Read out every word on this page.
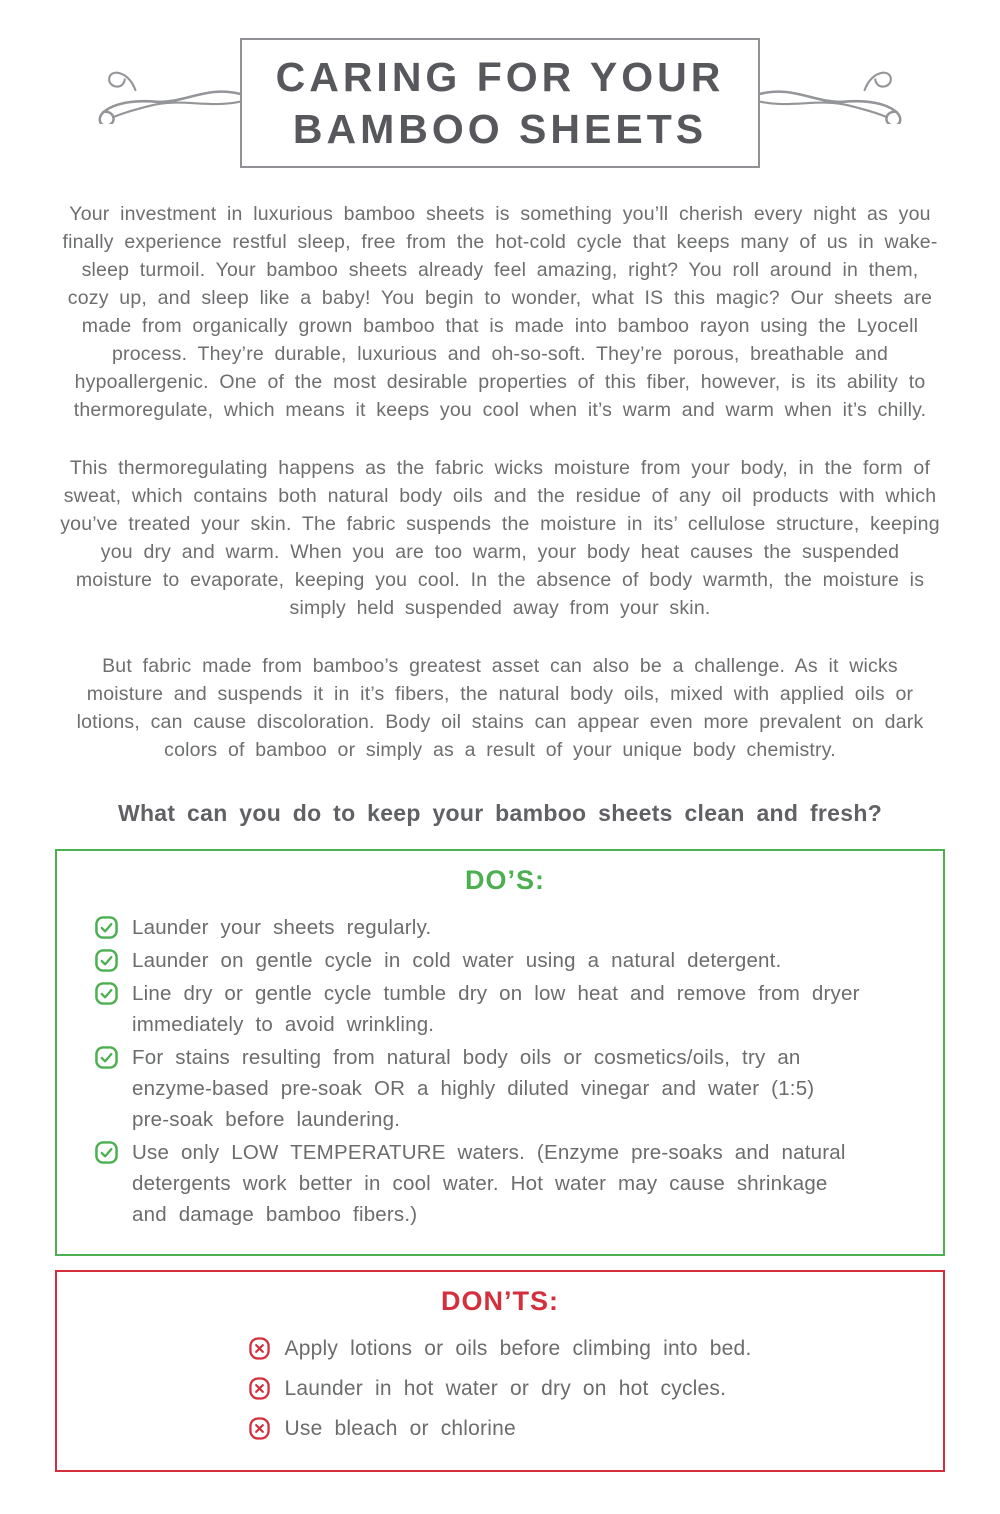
CARING FOR YOUR
BAMBOO SHEETS

Your investment in luxurious bamboo sheets is something you’ll cherish every night as you finally experience restful sleep, free from the hot-cold cycle that keeps many of us in wake-sleep turmoil. Your bamboo sheets already feel amazing, right? You roll around in them, cozy up, and sleep like a baby! You begin to wonder, what IS this magic? Our sheets are made from organically grown bamboo that is made into bamboo rayon using the Lyocell process. They’re durable, luxurious and oh-so-soft. They’re porous, breathable and hypoallergenic. One of the most desirable properties of this fiber, however, is its ability to thermoregulate, which means it keeps you cool when it’s warm and warm when it’s chilly.

This thermoregulating happens as the fabric wicks moisture from your body, in the form of sweat, which contains both natural body oils and the residue of any oil products with which you’ve treated your skin. The fabric suspends the moisture in its’ cellulose structure, keeping you dry and warm. When you are too warm, your body heat causes the suspended moisture to evaporate, keeping you cool. In the absence of body warmth, the moisture is simply held suspended away from your skin.

But fabric made from bamboo’s greatest asset can also be a challenge. As it wicks moisture and suspends it in it’s fibers, the natural body oils, mixed with applied oils or lotions, can cause discoloration. Body oil stains can appear even more prevalent on dark colors of bamboo or simply as a result of your unique body chemistry.

What can you do to keep your bamboo sheets clean and fresh?
DO’S:
Launder your sheets regularly.
Launder on gentle cycle in cold water using a natural detergent.
Line dry or gentle cycle tumble dry on low heat and remove from dryer immediately to avoid wrinkling.
For stains resulting from natural body oils or cosmetics/oils, try an enzyme-based pre-soak OR a highly diluted vinegar and water (1:5) pre-soak before laundering.
Use only LOW TEMPERATURE waters. (Enzyme pre-soaks and natural detergents work better in cool water. Hot water may cause shrinkage and damage bamboo fibers.)
DON’TS:
Apply lotions or oils before climbing into bed.
Launder in hot water or dry on hot cycles.
Use bleach or chlorine
